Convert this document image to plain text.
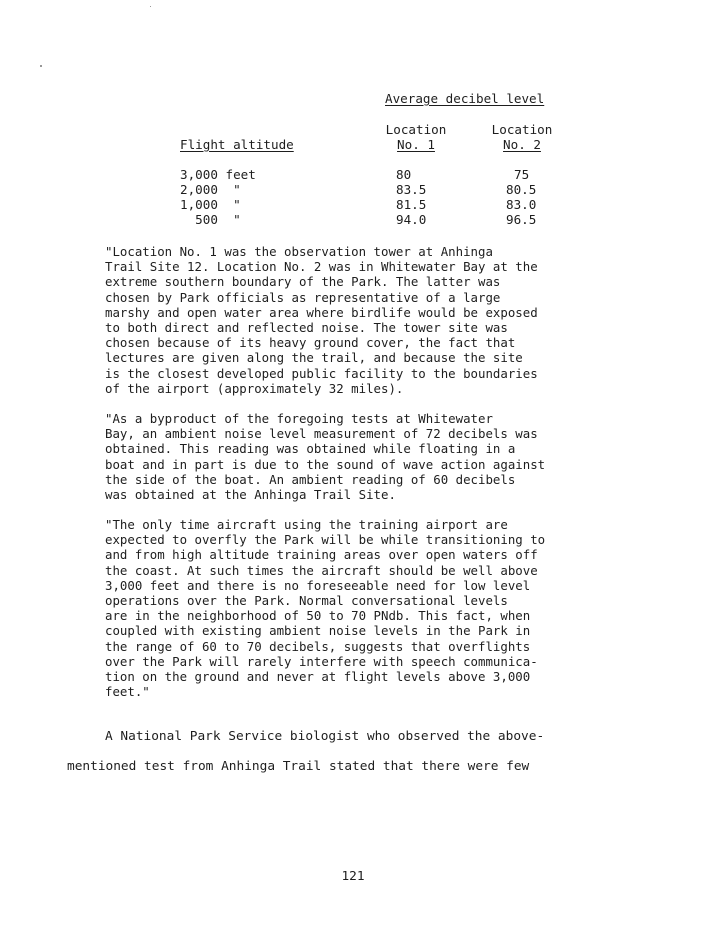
Average decibel level
Location
No. 1
Location
No. 2
Flight altitude
3,000 feet	80	75
2,000  "	83.5	80.5
1,000  "	81.5	83.0
500  "	94.0	96.5
"Location No. 1 was the observation tower at Anhinga
Trail Site 12. Location No. 2 was in Whitewater Bay at the
extreme southern boundary of the Park. The latter was
chosen by Park officials as representative of a large
marshy and open water area where birdlife would be exposed
to both direct and reflected noise. The tower site was
chosen because of its heavy ground cover, the fact that
lectures are given along the trail, and because the site
is the closest developed public facility to the boundaries
of the airport (approximately 32 miles).
"As a byproduct of the foregoing tests at Whitewater
Bay, an ambient noise level measurement of 72 decibels was
obtained. This reading was obtained while floating in a
boat and in part is due to the sound of wave action against
the side of the boat. An ambient reading of 60 decibels
was obtained at the Anhinga Trail Site.
"The only time aircraft using the training airport are
expected to overfly the Park will be while transitioning to
and from high altitude training areas over open waters off
the coast. At such times the aircraft should be well above
3,000 feet and there is no foreseeable need for low level
operations over the Park. Normal conversational levels
are in the neighborhood of 50 to 70 PNdb. This fact, when
coupled with existing ambient noise levels in the Park in
the range of 60 to 70 decibels, suggests that overflights
over the Park will rarely interfere with speech communica-
tion on the ground and never at flight levels above 3,000
feet."
A National Park Service biologist who observed the above-
mentioned test from Anhinga Trail stated that there were few
121
